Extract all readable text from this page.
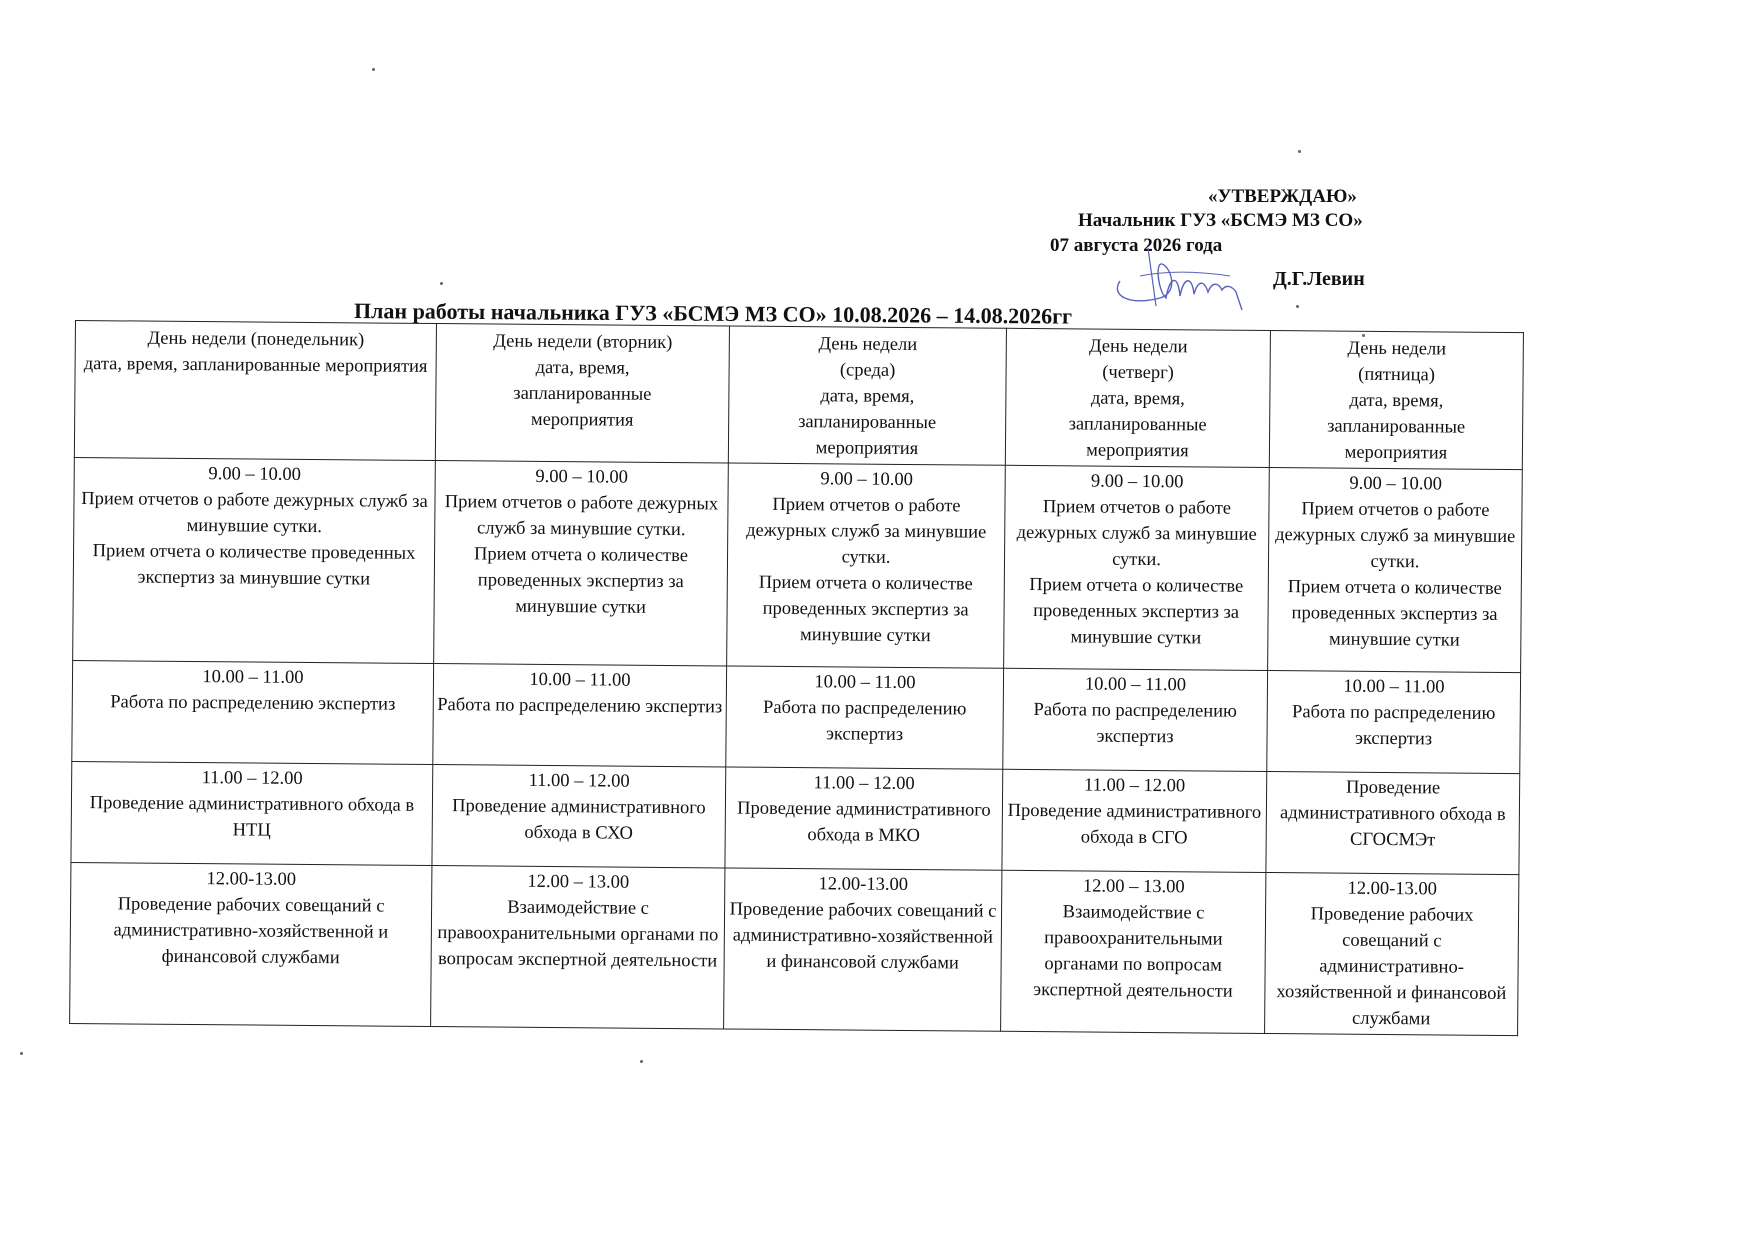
«УТВЕРЖДАЮ»
Начальник ГУЗ «БСМЭ МЗ СО»
07 августа 2026 года
Д.Г.Левин
План работы начальника ГУЗ «БСМЭ МЗ СО» 10.08.2026 – 14.08.2026гг
День недели (понедельник)
дата, время, запланированные мероприятия	День недели (вторник)
дата, время,
запланированные
мероприятия	День недели
(среда)
дата, время,
запланированные
мероприятия	День недели
(четверг)
дата, время,
запланированные
мероприятия	День недели
(пятница)
дата, время,
запланированные
мероприятия

9.00 – 10.00
Прием отчетов о работе дежурных служб за минувшие сутки.
Прием отчета о количестве проведенных экспертиз за минувшие сутки	9.00 – 10.00
Прием отчетов о работе дежурных служб за минувшие сутки.
Прием отчета о количестве проведенных экспертиз за минувшие сутки	9.00 – 10.00
Прием отчетов о работе дежурных служб за минувшие сутки.
Прием отчета о количестве проведенных экспертиз за минувшие сутки	9.00 – 10.00
Прием отчетов о работе дежурных служб за минувшие сутки.
Прием отчета о количестве проведенных экспертиз за минувшие сутки	9.00 – 10.00
Прием отчетов о работе дежурных служб за минувшие сутки.
Прием отчета о количестве проведенных экспертиз за минувшие сутки

10.00 – 11.00
Работа по распределению экспертиз	10.00 – 11.00
Работа по распределению экспертиз	10.00 – 11.00
Работа по распределению экспертиз	10.00 – 11.00
Работа по распределению экспертиз	10.00 – 11.00
Работа по распределению экспертиз

11.00 – 12.00
Проведение административного обхода в НТЦ	11.00 – 12.00
Проведение административного обхода в СХО	11.00 – 12.00
Проведение административного обхода в МКО	11.00 – 12.00
Проведение административного обхода в СГО	Проведение административного обхода в СГОСМЭт

12.00-13.00
Проведение рабочих совещаний с административно-хозяйственной и финансовой службами	12.00 – 13.00
Взаимодействие с правоохранительными органами по вопросам экспертной деятельности	12.00-13.00
Проведение рабочих совещаний с административно-хозяйственной и финансовой службами	12.00 – 13.00
Взаимодействие с правоохранительными органами по вопросам экспертной деятельности	12.00-13.00
Проведение рабочих совещаний с административно-хозяйственной и финансовой службами
